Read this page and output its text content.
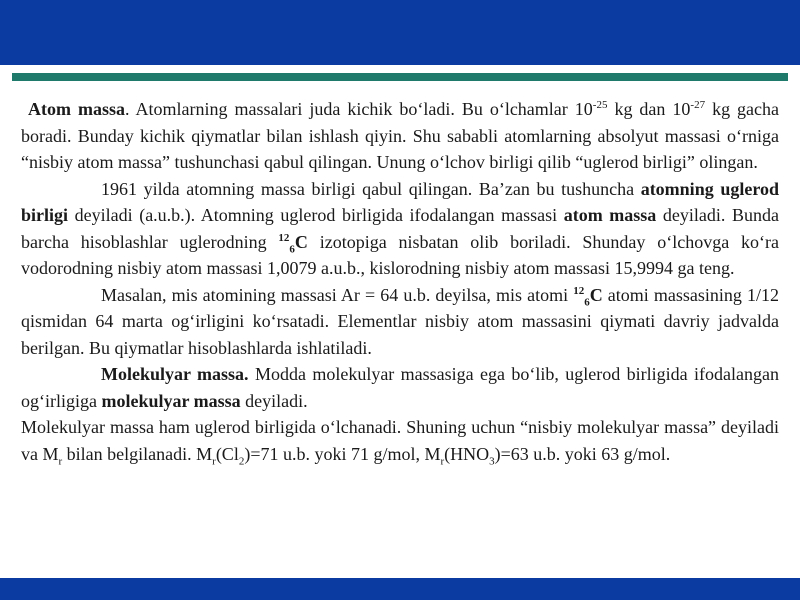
Atom massa. Atomlarning massalari juda kichik bo‘ladi. Bu o‘lchamlar $10^{-25}$ kg dan $10^{-27}$ kg gacha boradi. Bunday kichik qiymatlar bilan ishlash qiyin. Shu sababli atomlarning absolyut massasi o‘rniga “nisbiy atom massa” tushunchasi qabul qilingan. Unung o‘lchov birligi qilib “uglerod birligi” olingan.

1961 yilda atomning massa birligi qabul qilingan. Ba’zan bu tushuncha atomning uglerod birligi deyiladi (a.u.b.). Atomning uglerod birligida ifodalangan massasi atom massa deyiladi. Bunda barcha hisoblashlar uglerodning $^{12}_6$C izotopiga nisbatan olib boriladi. Shunday o‘lchovga ko‘ra vodorodning nisbiy atom massasi 1,0079 a.u.b., kislorodning nisbiy atom massasi 15,9994 ga teng.

Masalan, mis atomining massasi Ar = 64 u.b. deyilsa, mis atomi $^{12}_6$C atomi massasining 1/12 qismidan 64 marta og‘irligini ko‘rsatadi. Elementlar nisbiy atom massasini qiymati davriy jadvalda berilgan. Bu qiymatlar hisoblashlarda ishlatiladi.

Molekulyar massa. Modda molekulyar massasiga ega bo‘lib, uglerod birligida ifodalangan og‘irligiga molekulyar massa deyiladi.

Molekulyar massa ham uglerod birligida o‘lchanadi. Shuning uchun “nisbiy molekulyar massa” deyiladi va $M_r$ bilan belgilanadi. $M_r(Cl_2)=71$ u.b. yoki 71 g/mol, $M_r(HNO_3)=63$ u.b. yoki 63 g/mol.
